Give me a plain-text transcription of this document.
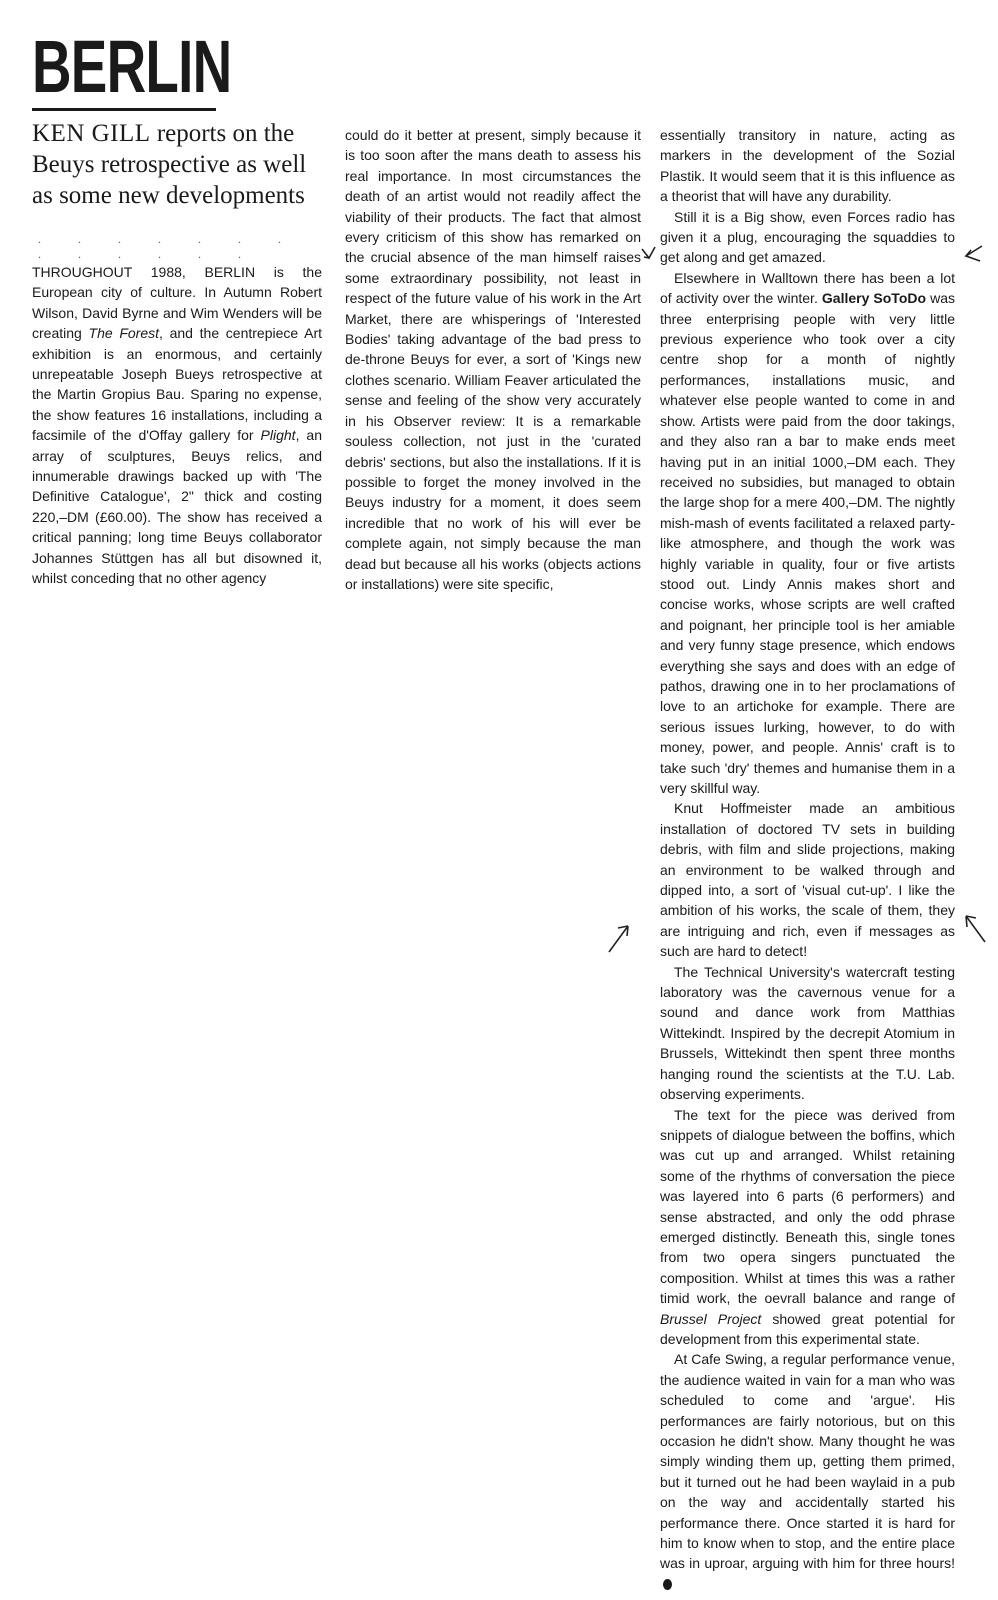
BERLIN
KEN GILL reports on the Beuys retrospective as well as some new developments
. . . . . . . . . . . . .

THROUGHOUT 1988, BERLIN is the European city of culture. In Autumn Robert Wilson, David Byrne and Wim Wenders will be creating The Forest, and the centrepiece Art exhibition is an enormous, and certainly unrepeatable Joseph Bueys retrospective at the Martin Gropius Bau. Sparing no expense, the show features 16 installations, including a facsimile of the d'Offay gallery for Plight, an array of sculptures, Beuys relics, and innumerable drawings backed up with 'The Definitive Catalogue', 2" thick and costing 220,–DM (£60.00). The show has received a critical panning; long time Beuys collaborator Johannes Stüttgen has all but disowned it, whilst conceding that no other agency

could do it better at present, simply because it is too soon after the mans death to assess his real importance. In most circumstances the death of an artist would not readily affect the viability of their products. The fact that almost every criticism of this show has remarked on the crucial absence of the man himself raises some extraordinary possibility, not least in respect of the future value of his work in the Art Market, there are whisperings of 'Interested Bodies' taking advantage of the bad press to de-throne Beuys for ever, a sort of 'Kings new clothes scenario. William Feaver articulated the sense and feeling of the show very accurately in his Observer review: It is a remarkable souless collection, not just in the 'curated debris' sections, but also the installations. If it is possible to forget the money involved in the Beuys industry for a moment, it does seem incredible that no work of his will ever be complete again, not simply because the man dead but because all his works (objects actions or installations) were site specific,

essentially transitory in nature, acting as markers in the development of the Sozial Plastik. It would seem that it is this influence as a theorist that will have any durability.

Still it is a Big show, even Forces radio has given it a plug, encouraging the squaddies to get along and get amazed.

Elsewhere in Walltown there has been a lot of activity over the winter. Gallery SoToDo was three enterprising people with very little previous experience who took over a city centre shop for a month of nightly performances, installations music, and whatever else people wanted to come in and show. Artists were paid from the door takings, and they also ran a bar to make ends meet having put in an initial 1000,–DM each. They received no subsidies, but managed to obtain the large shop for a mere 400,–DM. The nightly mish-mash of events facilitated a relaxed party-like atmosphere, and though the work was highly variable in quality, four or five artists stood out. Lindy Annis makes short and concise works, whose scripts are well crafted and poignant, her principle tool is her amiable and very funny stage presence, which endows everything she says and does with an edge of pathos, drawing one in to her proclamations of love to an artichoke for example. There are serious issues lurking, however, to do with money, power, and people. Annis' craft is to take such 'dry' themes and humanise them in a very skillful way.

Knut Hoffmeister made an ambitious installation of doctored TV sets in building debris, with film and slide projections, making an environment to be walked through and dipped into, a sort of 'visual cut-up'. I like the ambition of his works, the scale of them, they are intriguing and rich, even if messages as such are hard to detect!

The Technical University's watercraft testing laboratory was the cavernous venue for a sound and dance work from Matthias Wittekindt. Inspired by the decrepit Atomium in Brussels, Wittekindt then spent three months hanging round the scientists at the T.U. Lab. observing experiments.

The text for the piece was derived from snippets of dialogue between the boffins, which was cut up and arranged. Whilst retaining some of the rhythms of conversation the piece was layered into 6 parts (6 performers) and sense abstracted, and only the odd phrase emerged distinctly. Beneath this, single tones from two opera singers punctuated the composition. Whilst at times this was a rather timid work, the oevrall balance and range of Brussel Project showed great potential for development from this experimental state.

At Cafe Swing, a regular performance venue, the audience waited in vain for a man who was scheduled to come and 'argue'. His performances are fairly notorious, but on this occasion he didn't show. Many thought he was simply winding them up, getting them primed, but it turned out he had been waylaid in a pub on the way and accidentally started his performance there. Once started it is hard for him to know when to stop, and the entire place was in uproar, arguing with him for three hours!
